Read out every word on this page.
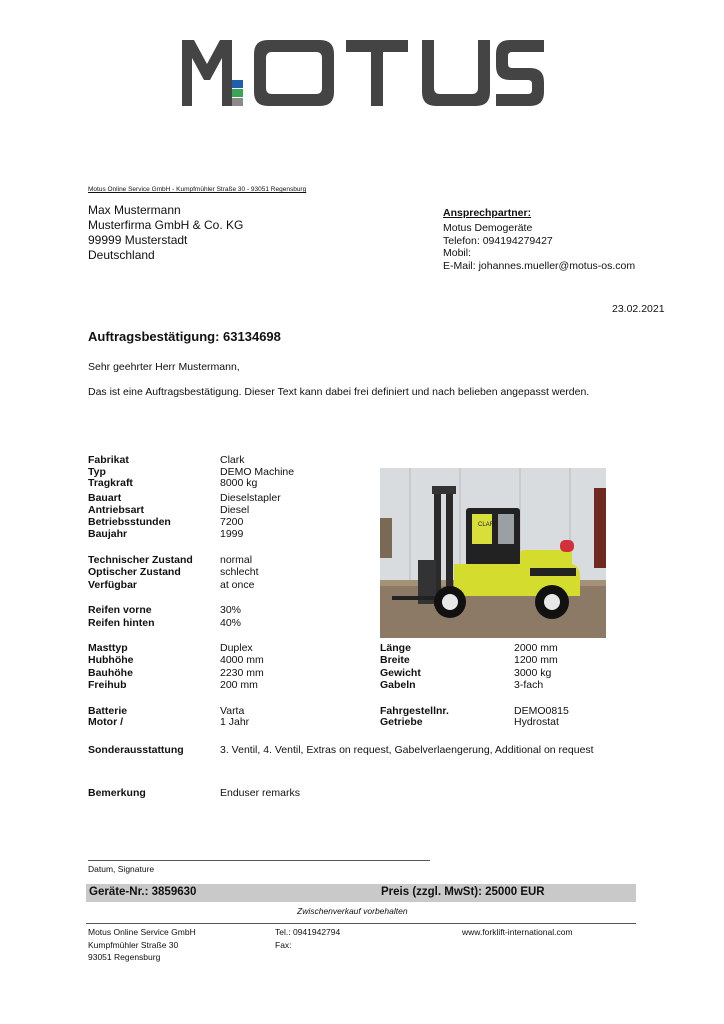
Motus Online Service GmbH - Kumpfmühler Straße 30 - 93051 Regensburg
Max Mustermann
Musterfirma GmbH & Co. KG
99999 Musterstadt
Deutschland
Ansprechpartner:
Motus Demogeräte
Telefon: 094194279427
Mobil:
E-Mail: johannes.mueller@motus-os.com
23.02.2021
Auftragsbestätigung: 63134698
Sehr geehrter Herr Mustermann,
Das ist eine Auftragsbestätigung. Dieser Text kann dabei frei definiert und nach belieben angepasst werden.
Fabrikat	Clark
Typ	DEMO Machine
Tragkraft	8000 kg
Bauart	Dieselstapler
Antriebsart	Diesel
Betriebsstunden	7200
Baujahr	1999
Technischer Zustand	normal
Optischer Zustand	schlecht
Verfügbar	at once
Reifen vorne	30%
Reifen hinten	40%
Masttyp	Duplex
Hubhöhe	4000 mm
Bauhöhe	2230 mm
Freihub	200 mm
Batterie	Varta
Motor /	1 Jahr
Sonderausstattung	3. Ventil, 4. Ventil, Extras on request, Gabelverlaengerung, Additional on request
Bemerkung	Enduser remarks
Länge	2000 mm
Breite	1200 mm
Gewicht	3000 kg
Gabeln	3-fach
Fahrgestellnr.	DEMO0815
Getriebe	Hydrostat
CLARK
Datum, Signature
Geräte-Nr.: 3859630	Preis (zzgl. MwSt): 25000 EUR
Zwischenverkauf vorbehalten
Motus Online Service GmbH
Kumpfmühler Straße 30
93051 Regensburg
Tel.: 0941942794
Fax:
www.forklift-international.com
